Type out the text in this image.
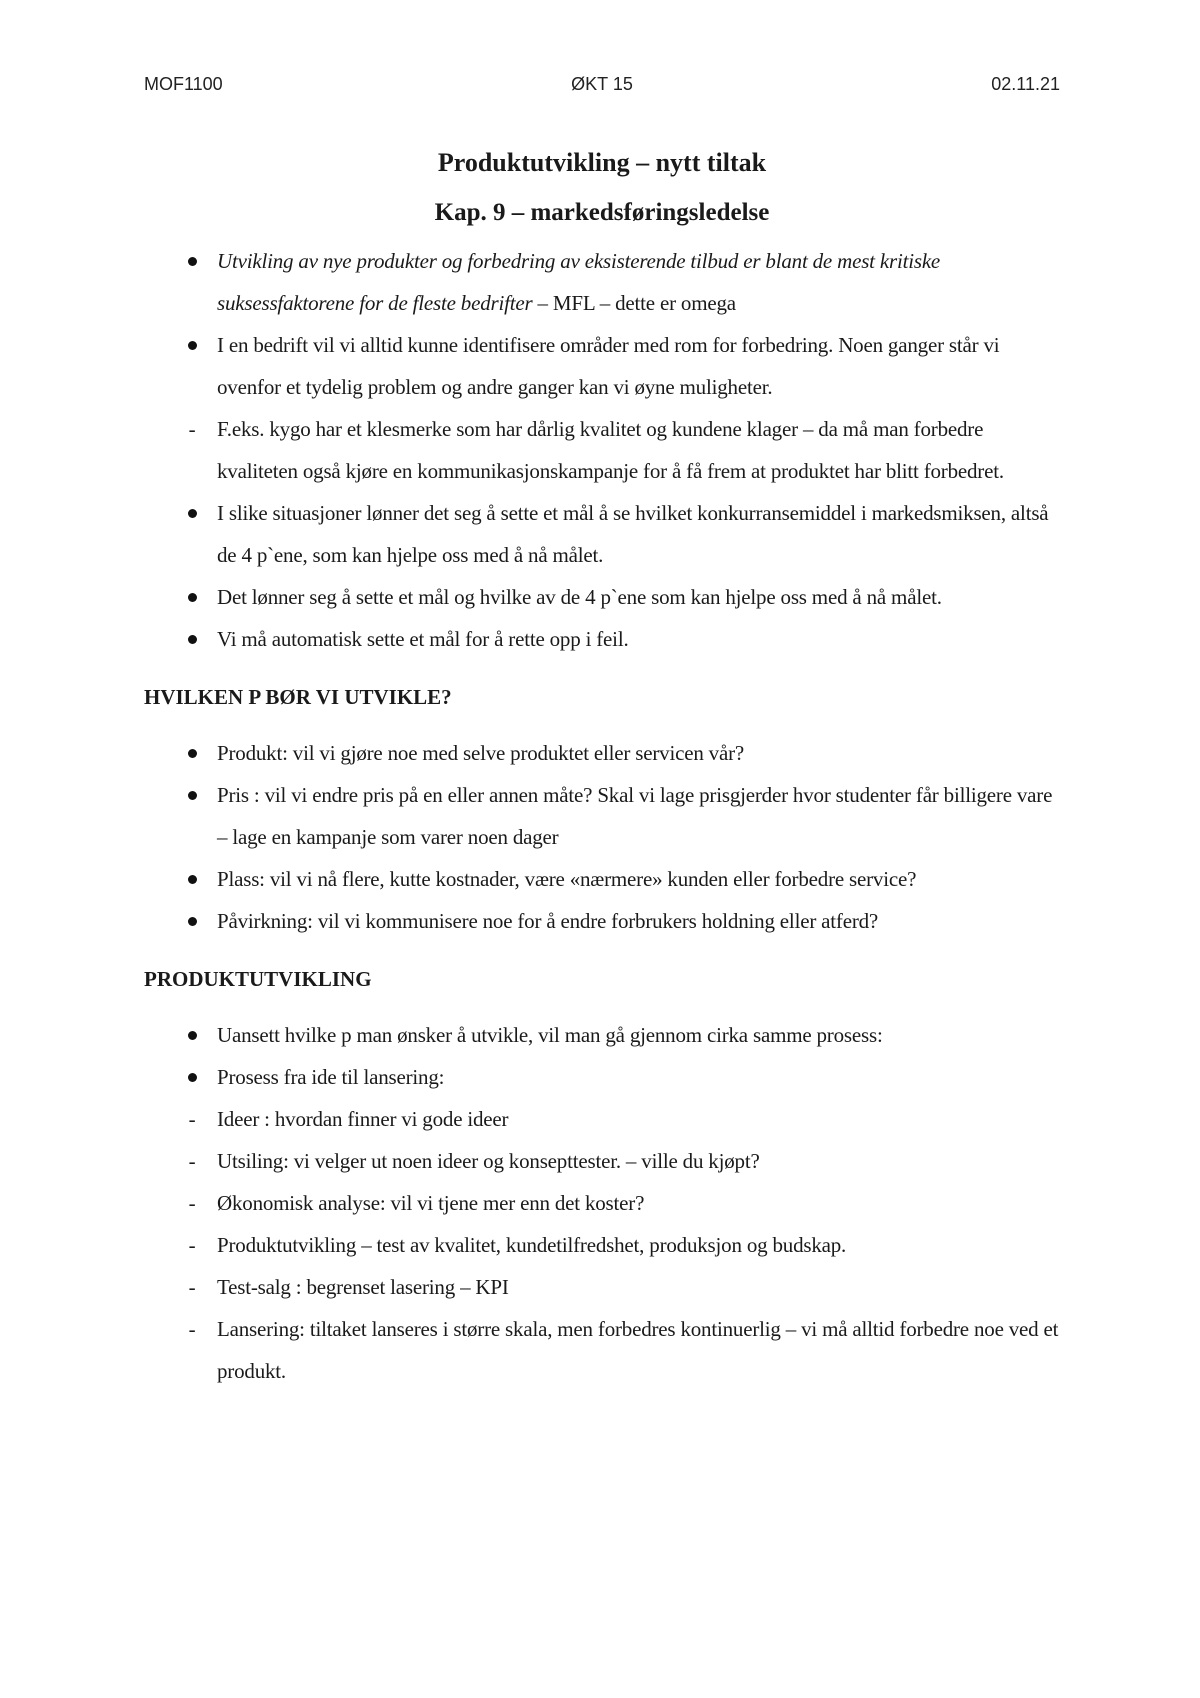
MOF1100	ØKT 15	02.11.21
Produktutvikling – nytt tiltak
Kap. 9 – markedsføringsledelse
Utvikling av nye produkter og forbedring av eksisterende tilbud er blant de mest kritiske suksessfaktorene for de fleste bedrifter – MFL – dette er omega
I en bedrift vil vi alltid kunne identifisere områder med rom for forbedring. Noen ganger står vi ovenfor et tydelig problem og andre ganger kan vi øyne muligheter.
-
F.eks. kygo har et klesmerke som har dårlig kvalitet og kundene klager – da må man forbedre kvaliteten også kjøre en kommunikasjonskampanje for å få frem at produktet har blitt forbedret.
I slike situasjoner lønner det seg å sette et mål å se hvilket konkurransemiddel i markedsmiksen, altså de 4 p`ene, som kan hjelpe oss med å nå målet.
Det lønner seg å sette et mål og hvilke av de 4 p`ene som kan hjelpe oss med å nå målet.
Vi må automatisk sette et mål for å rette opp i feil.
HVILKEN P BØR VI UTVIKLE?
Produkt: vil vi gjøre noe med selve produktet eller servicen vår?
Pris : vil vi endre pris på en eller annen måte? Skal vi lage prisgjerder hvor studenter får billigere vare – lage en kampanje som varer noen dager
Plass: vil vi nå flere, kutte kostnader, være «nærmere» kunden eller forbedre service?
Påvirkning: vil vi kommunisere noe for å endre forbrukers holdning eller atferd?
PRODUKTUTVIKLING
Uansett hvilke p man ønsker å utvikle, vil man gå gjennom cirka samme prosess:
Prosess fra ide til lansering:
-
Ideer : hvordan finner vi gode ideer
-
Utsiling: vi velger ut noen ideer og konsepttester. – ville du kjøpt?
-
Økonomisk analyse: vil vi tjene mer enn det koster?
-
Produktutvikling – test av kvalitet, kundetilfredshet, produksjon og budskap.
-
Test-salg : begrenset lasering – KPI
-
Lansering: tiltaket lanseres i større skala, men forbedres kontinuerlig – vi må alltid forbedre noe ved et produkt.
